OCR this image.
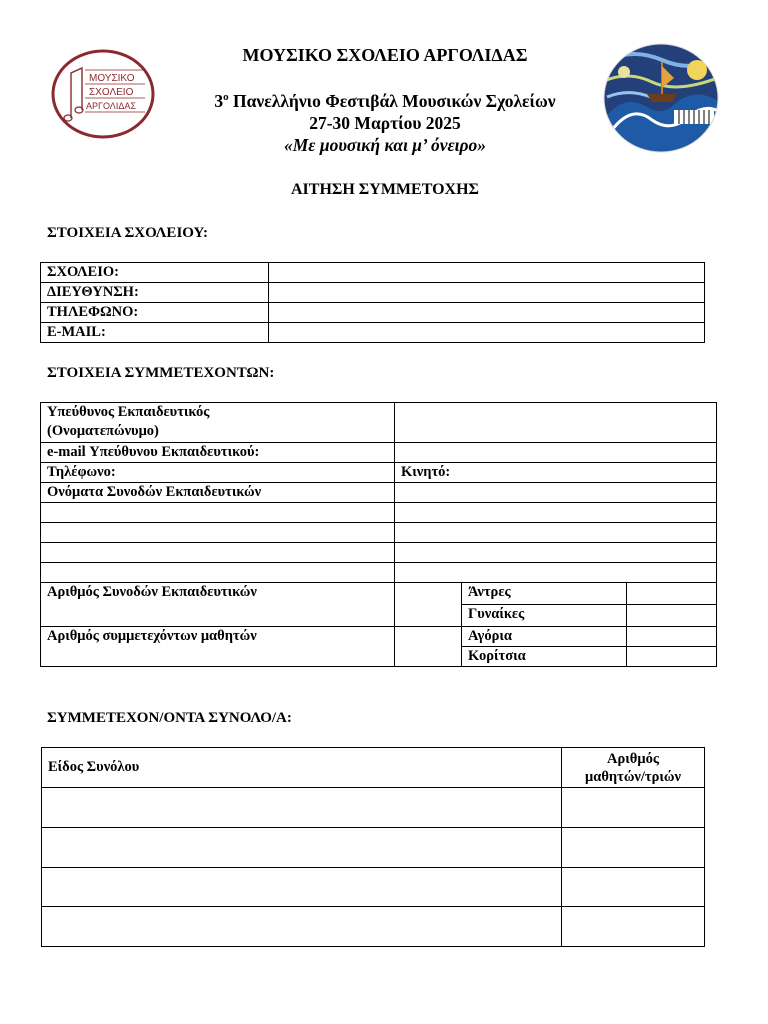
ΜΟΥΣΙΚΟ
ΣΧΟΛΕΙΟ
ΑΡΓΟΛΙΔΑΣ
ΜΟΥΣΙΚΟ ΣΧΟΛΕΙΟ ΑΡΓΟΛΙΔΑΣ
$3^o$ Πανελλήνιο Φεστιβάλ Μουσικών Σχολείων
27-30 Μαρτίου 2025
«Με μουσική και μ’ όνειρο»
ΑΙΤΗΣΗ ΣΥΜΜΕΤΟΧΗΣ
ΣΤΟΙΧΕΙΑ ΣΧΟΛΕΙΟΥ:
ΣΧΟΛΕΙΟ:	
ΔΙΕΥΘΥΝΣΗ:	
ΤΗΛΕΦΩΝΟ:	
E-MAIL:	
ΣΤΟΙΧΕΙΑ ΣΥΜΜΕΤΕΧΟΝΤΩΝ:
Υπεύθυνος Εκπαιδευτικός
(Ονοματεπώνυμο)			

e-mail Υπεύθυνου Εκπαιδευτικού:			
Τηλέφωνο:	Κινητό:		
Ονόματα Συνοδών Εκπαιδευτικών			

Αριθμός Συνοδών Εκπαιδευτικών		Άντρες	
		Γυναίκες	
Αριθμός συμμετεχόντων μαθητών		Αγόρια	
		Κορίτσια	
ΣΥΜΜΕΤΕΧΟΝ/ΟΝΤΑ ΣΥΝΟΛΟ/Α:
Είδος Συνόλου	Αριθμός
μαθητών/τριών
